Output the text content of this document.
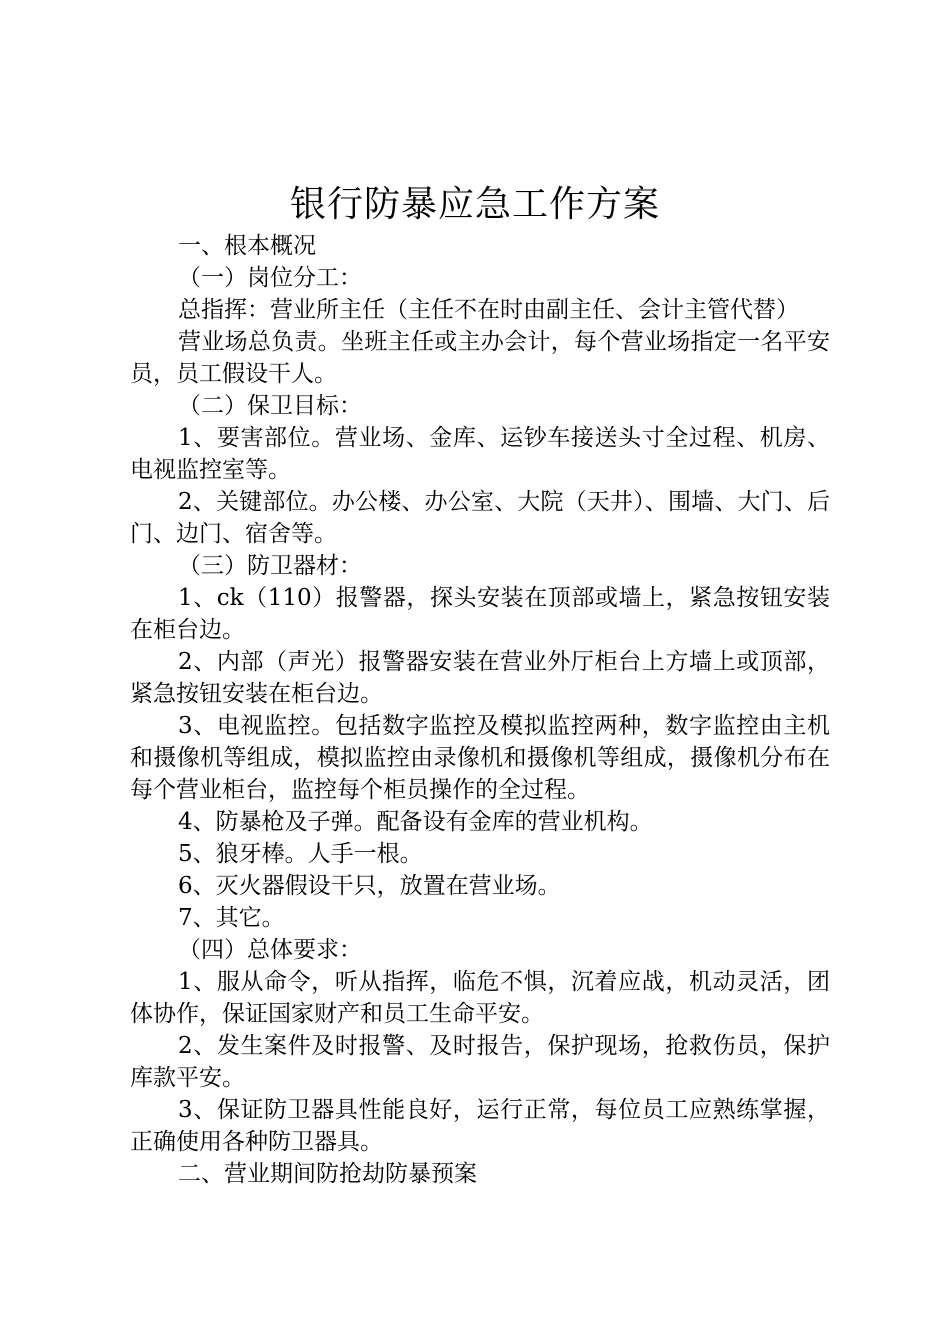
银行防暴应急工作方案

一、根本概况

（一）岗位分工：

总指挥：营业所主任（主任不在时由副主任、会计主管代替）

营业场总负责。坐班主任或主办会计，每个营业场指定一名平安员，员工假设干人。

（二）保卫目标：

1、要害部位。营业场、金库、运钞车接送头寸全过程、机房、电视监控室等。

2、关键部位。办公楼、办公室、大院（天井）、围墙、大门、后门、边门、宿舍等。

（三）防卫器材：

1、ck（110）报警器，探头安装在顶部或墙上，紧急按钮安装在柜台边。

2、内部（声光）报警器安装在营业外厅柜台上方墙上或顶部，紧急按钮安装在柜台边。

3、电视监控。包括数字监控及模拟监控两种，数字监控由主机和摄像机等组成，模拟监控由录像机和摄像机等组成，摄像机分布在每个营业柜台，监控每个柜员操作的全过程。

4、防暴枪及子弹。配备设有金库的营业机构。

5、狼牙棒。人手一根。

6、灭火器假设干只，放置在营业场。

7、其它。

（四）总体要求：

1、服从命令，听从指挥，临危不惧，沉着应战，机动灵活，团体协作，保证国家财产和员工生命平安。

2、发生案件及时报警、及时报告，保护现场，抢救伤员，保护库款平安。

3、保证防卫器具性能良好，运行正常，每位员工应熟练掌握，正确使用各种防卫器具。

二、营业期间防抢劫防暴预案
